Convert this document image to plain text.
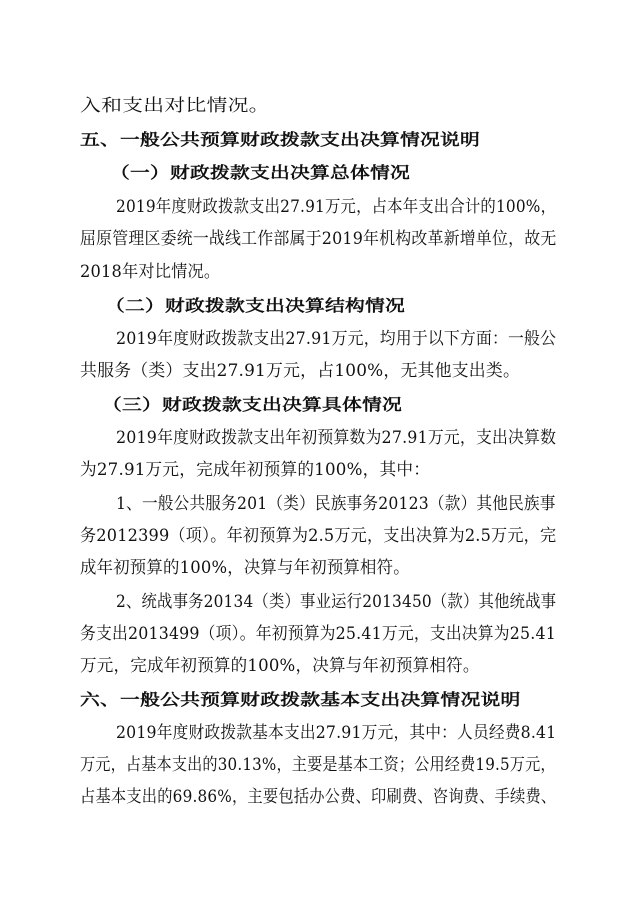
入和支出对比情况。
五、一般公共预算财政拨款支出决算情况说明
（一）财政拨款支出决算总体情况
2019年度财政拨款支出27.91万元，占本年支出合计的100%，
屈原管理区委统一战线工作部属于2019年机构改革新增单位，故无
2018年对比情况。
（二）财政拨款支出决算结构情况
2019年度财政拨款支出27.91万元，均用于以下方面：一般公
共服务（类）支出27.91万元，占100%，无其他支出类。
（三）财政拨款支出决算具体情况
2019年度财政拨款支出年初预算数为27.91万元，支出决算数
为27.91万元，完成年初预算的100%，其中：
1、一般公共服务201（类）民族事务20123（款）其他民族事
务2012399（项）。年初预算为2.5万元，支出决算为2.5万元，完
成年初预算的100%，决算与年初预算相符。
2、统战事务20134（类）事业运行2013450（款）其他统战事
务支出2013499（项）。年初预算为25.41万元，支出决算为25.41
万元，完成年初预算的100%，决算与年初预算相符。
六、一般公共预算财政拨款基本支出决算情况说明
2019年度财政拨款基本支出27.91万元，其中：人员经费8.41
万元，占基本支出的30.13%，主要是基本工资；公用经费19.5万元，
占基本支出的69.86%，主要包括办公费、印刷费、咨询费、手续费、
